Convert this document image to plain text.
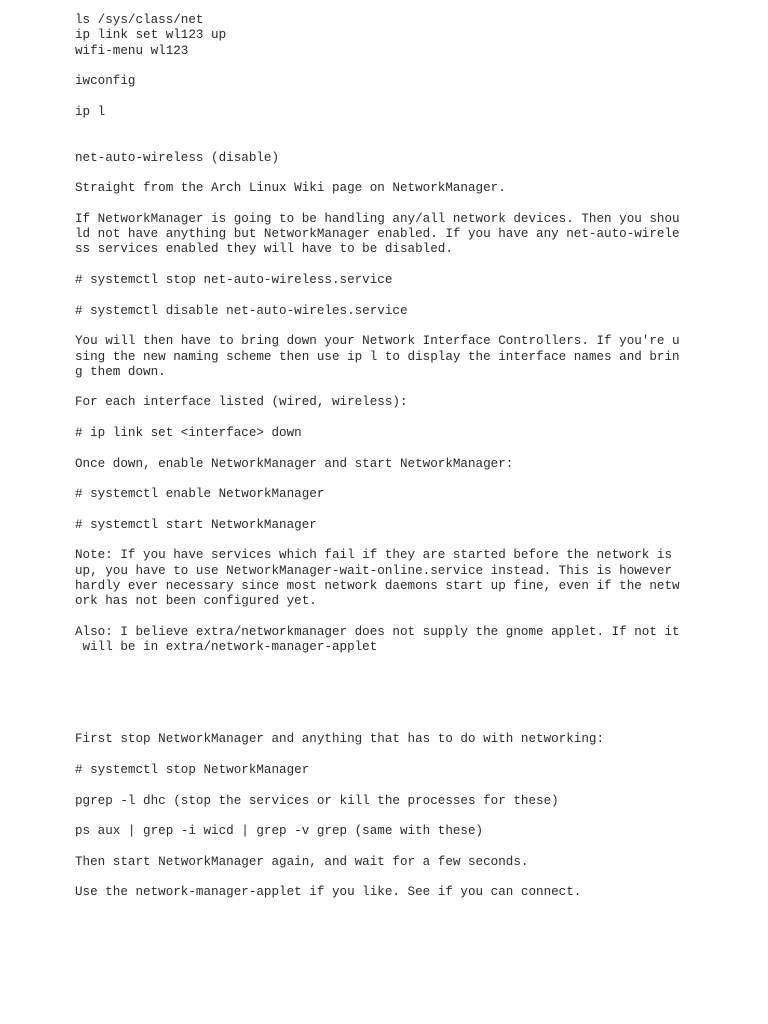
ls /sys/class/net
ip link set wl123 up
wifi-menu wl123

iwconfig

ip l

net-auto-wireless (disable)

Straight from the Arch Linux Wiki page on NetworkManager.

If NetworkManager is going to be handling any/all network devices. Then you shou
ld not have anything but NetworkManager enabled. If you have any net-auto-wirele
ss services enabled they will have to be disabled.

# systemctl stop net-auto-wireless.service

# systemctl disable net-auto-wireles.service

You will then have to bring down your Network Interface Controllers. If you're u
sing the new naming scheme then use ip l to display the interface names and brin
g them down.

For each interface listed (wired, wireless):

# ip link set <interface> down

Once down, enable NetworkManager and start NetworkManager:

# systemctl enable NetworkManager

# systemctl start NetworkManager

Note: If you have services which fail if they are started before the network is
up, you have to use NetworkManager-wait-online.service instead. This is however
hardly ever necessary since most network daemons start up fine, even if the netw
ork has not been configured yet.

Also: I believe extra/networkmanager does not supply the gnome applet. If not it
will be in extra/network-manager-applet

First stop NetworkManager and anything that has to do with networking:

# systemctl stop NetworkManager

pgrep -l dhc (stop the services or kill the processes for these)

ps aux | grep -i wicd | grep -v grep (same with these)

Then start NetworkManager again, and wait for a few seconds.

Use the network-manager-applet if you like. See if you can connect.
